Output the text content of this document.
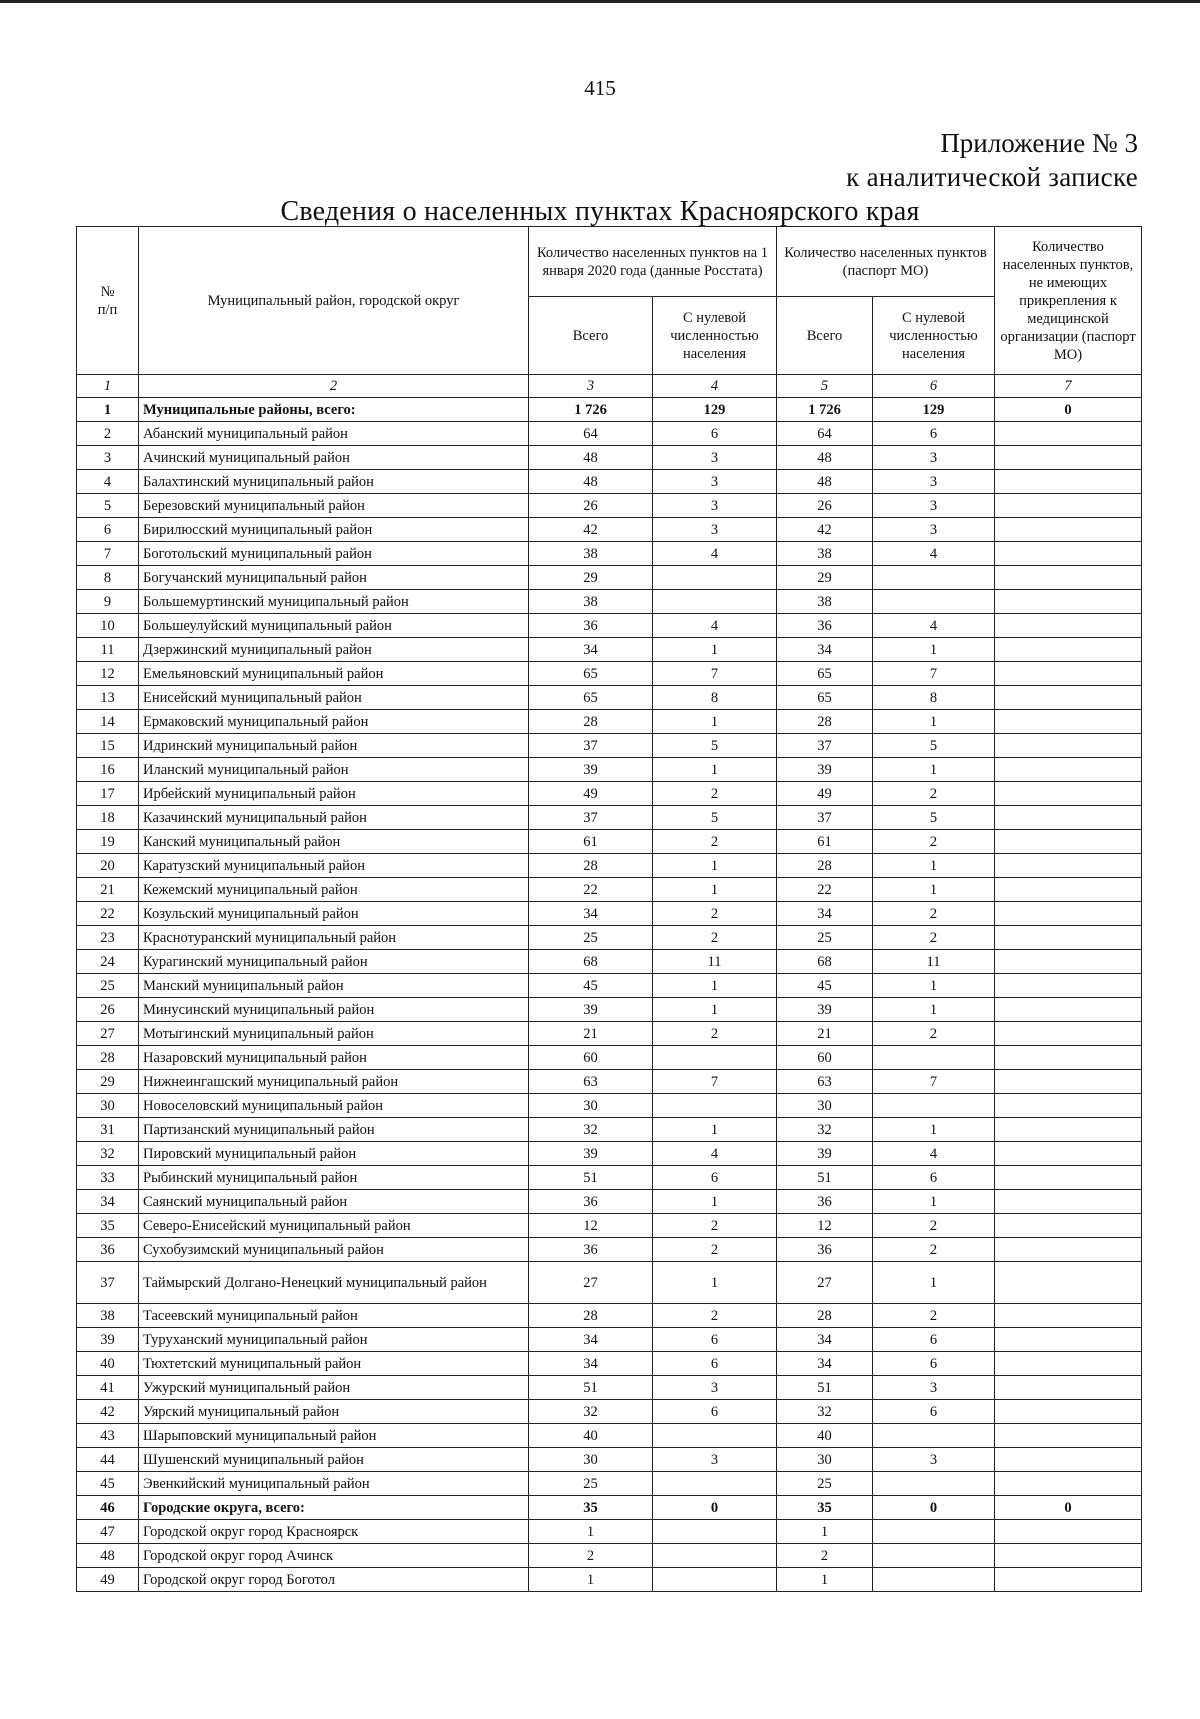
415
Приложение № 3
к аналитической записке
Сведения о населенных пунктах Красноярского края
№
п/п	Муниципальный район, городской округ	Количество населенных пунктов на 1 января 2020 года (данные Росстата)		Количество населенных пунктов (паспорт МО)		Количество населенных пунктов, не имеющих прикрепления к медицинской организации (паспорт МО)
		Всего	С нулевой численностью населения	Всего	С нулевой численностью населения	
1	2	3	4	5	6	7
1	Муниципальные районы, всего:	1 726	129	1 726	129	0
2	Абанский муниципальный район	64	6	64	6	
3	Ачинский муниципальный район	48	3	48	3	
4	Балахтинский муниципальный район	48	3	48	3	
5	Березовский муниципальный район	26	3	26	3	
6	Бирилюсский муниципальный район	42	3	42	3	
7	Боготольский муниципальный район	38	4	38	4	
8	Богучанский муниципальный район	29		29		
9	Большемуртинский муниципальный район	38		38		
10	Большеулуйский муниципальный район	36	4	36	4	
11	Дзержинский муниципальный район	34	1	34	1	
12	Емельяновский муниципальный район	65	7	65	7	
13	Енисейский муниципальный район	65	8	65	8	
14	Ермаковский муниципальный район	28	1	28	1	
15	Идринский муниципальный район	37	5	37	5	
16	Иланский муниципальный район	39	1	39	1	
17	Ирбейский муниципальный район	49	2	49	2	
18	Казачинский муниципальный район	37	5	37	5	
19	Канский муниципальный район	61	2	61	2	
20	Каратузский муниципальный район	28	1	28	1	
21	Кежемский муниципальный район	22	1	22	1	
22	Козульский муниципальный район	34	2	34	2	
23	Краснотуранский муниципальный район	25	2	25	2	
24	Курагинский муниципальный район	68	11	68	11	
25	Манский муниципальный район	45	1	45	1	
26	Минусинский муниципальный район	39	1	39	1	
27	Мотыгинский муниципальный район	21	2	21	2	
28	Назаровский муниципальный район	60		60		
29	Нижнеингашский муниципальный район	63	7	63	7	
30	Новоселовский муниципальный район	30		30		
31	Партизанский муниципальный район	32	1	32	1	
32	Пировский муниципальный район	39	4	39	4	
33	Рыбинский муниципальный район	51	6	51	6	
34	Саянский муниципальный район	36	1	36	1	
35	Северо-Енисейский муниципальный район	12	2	12	2	
36	Сухобузимский муниципальный район	36	2	36	2	
37	Таймырский Долгано-Ненецкий муниципальный район	27	1	27	1	
38	Тасеевский муниципальный район	28	2	28	2	
39	Туруханский муниципальный район	34	6	34	6	
40	Тюхтетский муниципальный район	34	6	34	6	
41	Ужурский муниципальный район	51	3	51	3	
42	Уярский муниципальный район	32	6	32	6	
43	Шарыповский муниципальный район	40		40		
44	Шушенский муниципальный район	30	3	30	3	
45	Эвенкийский муниципальный район	25		25		
46	Городские округа, всего:	35	0	35	0	0
47	Городской округ город Красноярск	1		1		
48	Городской округ город Ачинск	2		2		
49	Городской округ город Боготол	1		1		
